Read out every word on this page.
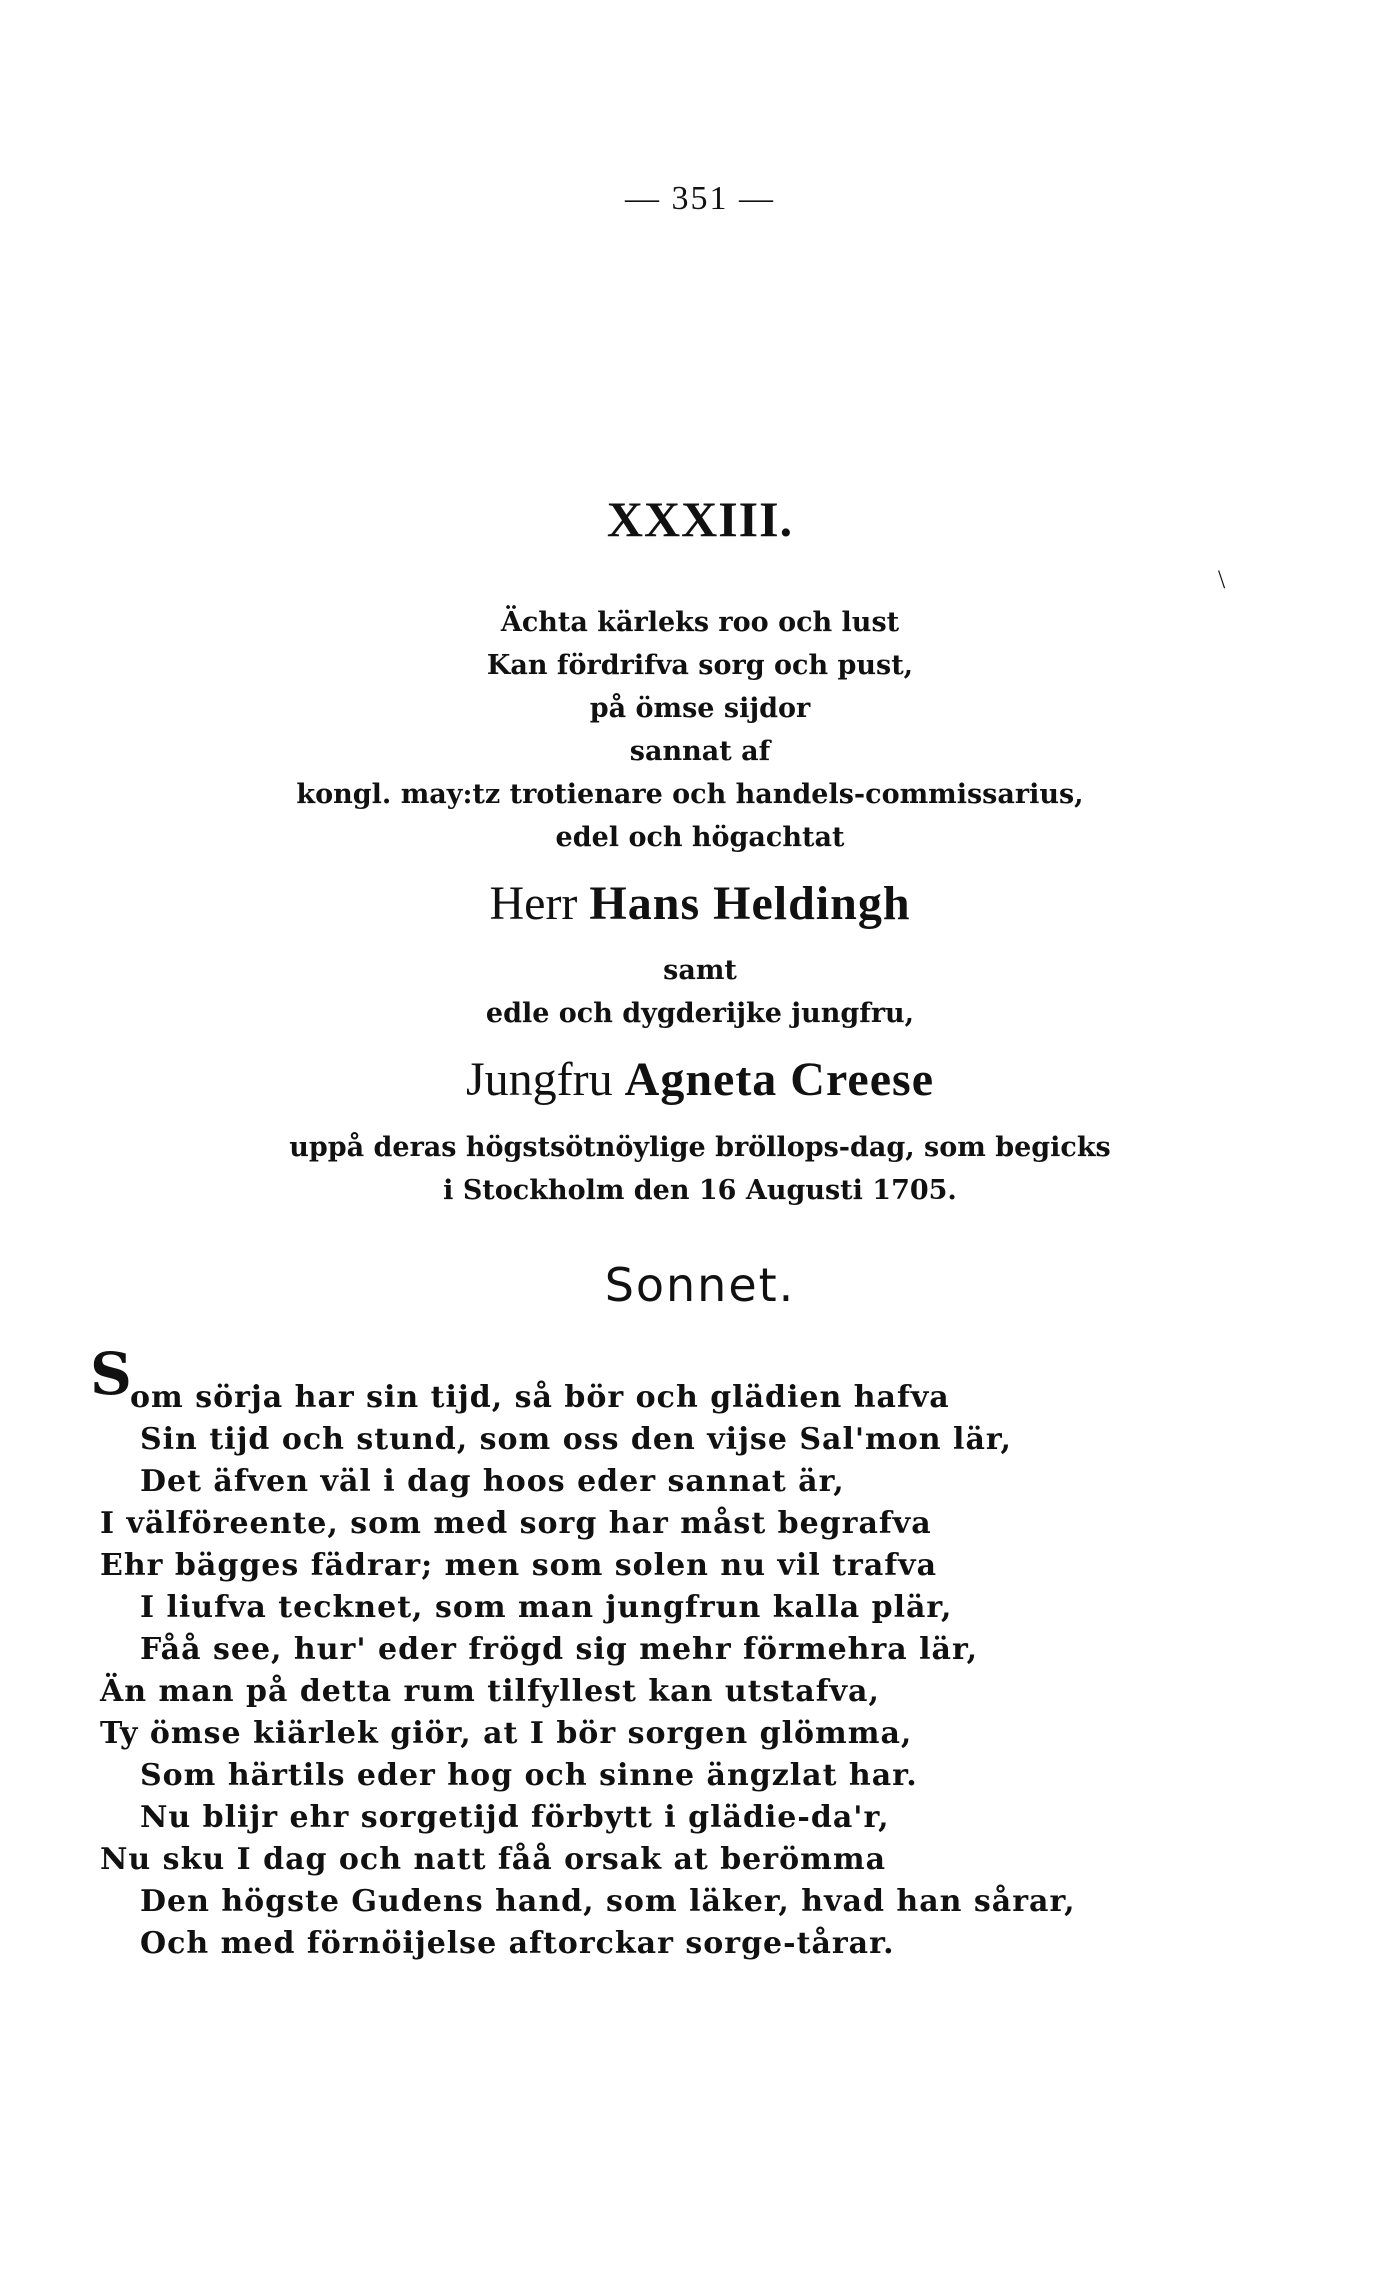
— 351 —
XXXIII.
\
Ächta kärleks roo och lust
Kan fördrifva sorg och pust,
på ömse sijdor
sannat af
kongl. may:tz trotienare och handels-commissarius,
edel och högachtat
Herr Hans Heldingh
samt
edle och dygderijke jungfru,
Jungfru Agneta Creese
uppå deras högstsötnöylige bröllops-dag, som begicks
i Stockholm den 16 Augusti 1705.
Sonnet.
S
om sörja har sin tijd, så bör och glädien hafva
Sin tijd och stund, som oss den vijse Sal'mon lär,
Det äfven väl i dag hoos eder sannat är,
I välföreente, som med sorg har måst begrafva
Ehr bägges fädrar; men som solen nu vil trafva
I liufva tecknet, som man jungfrun kalla plär,
Fåå see, hur' eder frögd sig mehr förmehra lär,
Än man på detta rum tilfyllest kan utstafva,
Ty ömse kiärlek giör, at I bör sorgen glömma,
Som härtils eder hog och sinne ängzlat har.
Nu blijr ehr sorgetijd förbytt i glädie-da'r,
Nu sku I dag och natt fåå orsak at berömma
Den högste Gudens hand, som läker, hvad han sårar,
Och med förnöijelse aftorckar sorge-tårar.
